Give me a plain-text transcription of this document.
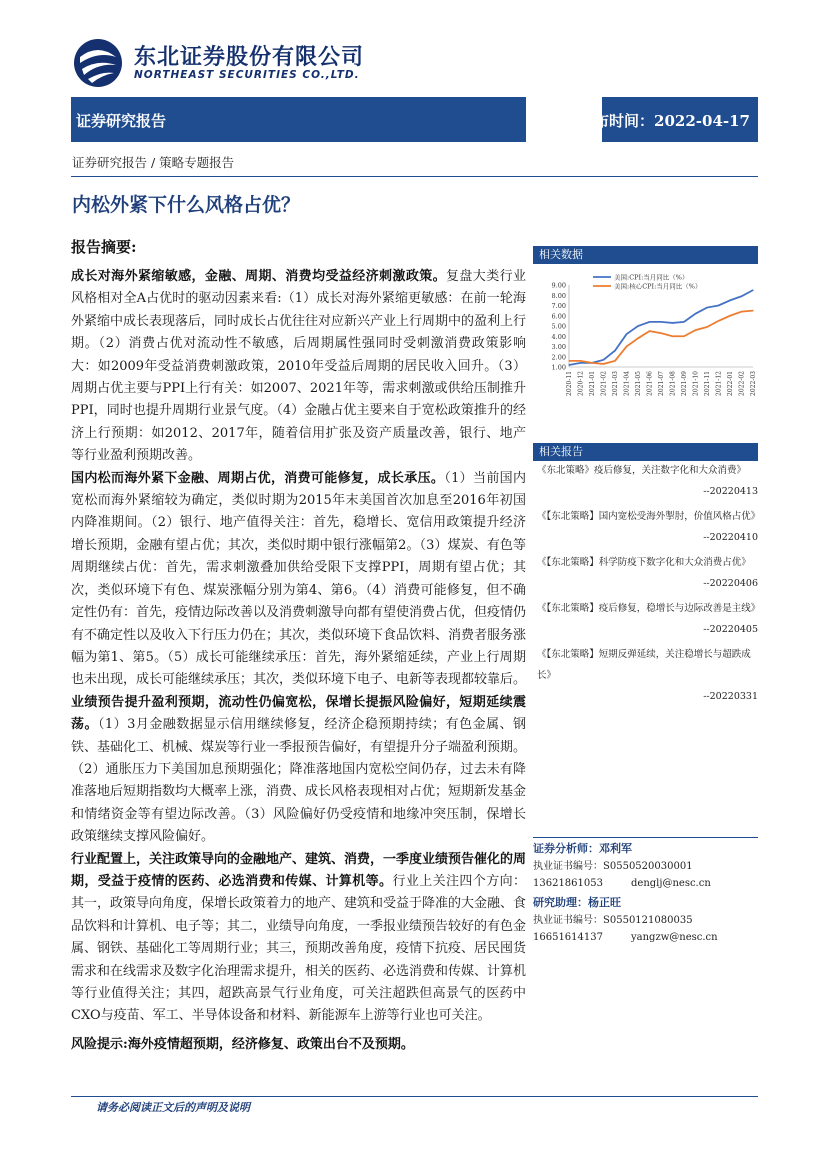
东北证券股份有限公司
NORTHEAST SECURITIES CO.,LTD.
证券研究报告	发布时间：2022-04-17
证券研究报告 / 策略专题报告
内松外紧下什么风格占优？
报告摘要:

成长对海外紧缩敏感，金融、周期、消费均受益经济刺激政策。复盘大类行业风格相对全A占优时的驱动因素来看:（1）成长对海外紧缩更敏感：在前一轮海外紧缩中成长表现落后，同时成长占优往往对应新兴产业上行周期中的盈利上行期。（2）消费占优对流动性不敏感，后周期属性强同时受刺激消费政策影响大：如2009年受益消费刺激政策，2010年受益后周期的居民收入回升。（3）周期占优主要与PPI上行有关：如2007、2021年等，需求刺激或供给压制推升PPI，同时也提升周期行业景气度。（4）金融占优主要来自于宽松政策推升的经济上行预期：如2012、2017年，随着信用扩张及资产质量改善，银行、地产等行业盈利预期改善。

国内松而海外紧下金融、周期占优，消费可能修复，成长承压。（1）当前国内宽松而海外紧缩较为确定，类似时期为2015年末美国首次加息至2016年初国内降准期间。（2）银行、地产值得关注：首先，稳增长、宽信用政策提升经济增长预期，金融有望占优；其次，类似时期中银行涨幅第2。（3）煤炭、有色等周期继续占优：首先，需求刺激叠加供给受限下支撑PPI，周期有望占优；其次，类似环境下有色、煤炭涨幅分别为第4、第6。（4）消费可能修复，但不确定性仍有：首先，疫情边际改善以及消费刺激导向都有望使消费占优，但疫情仍有不确定性以及收入下行压力仍在；其次，类似环境下食品饮料、消费者服务涨幅为第1、第5。（5）成长可能继续承压：首先，海外紧缩延续，产业上行周期也未出现，成长可能继续承压；其次，类似环境下电子、电新等表现都较靠后。

业绩预告提升盈利预期，流动性仍偏宽松，保增长提振风险偏好，短期延续震荡。（1）3月金融数据显示信用继续修复，经济企稳预期持续；有色金属、钢铁、基础化工、机械、煤炭等行业一季报预告偏好，有望提升分子端盈利预期。（2）通胀压力下美国加息预期强化；降准落地国内宽松空间仍存，过去未有降准落地后短期指数均大概率上涨，消费、成长风格表现相对占优；短期新发基金和情绪资金等有望边际改善。（3）风险偏好仍受疫情和地缘冲突压制，保增长政策继续支撑风险偏好。

行业配置上，关注政策导向的金融地产、建筑、消费，一季度业绩预告催化的周期，受益于疫情的医药、必选消费和传媒、计算机等。行业上关注四个方向：其一，政策导向角度，保增长政策着力的地产、建筑和受益于降准的大金融、食品饮料和计算机、电子等；其二，业绩导向角度，一季报业绩预告较好的有色金属、钢铁、基础化工等周期行业；其三，预期改善角度，疫情下抗疫、居民囤货需求和在线需求及数字化治理需求提升，相关的医药、必选消费和传媒、计算机等行业值得关注；其四，超跌高景气行业角度，可关注超跌但高景气的医药中CXO与疫苗、军工、半导体设备和材料、新能源车上游等行业也可关注。

风险提示:海外疫情超预期，经济修复、政策出台不及预期。

相关数据
1.00
2.00
3.00
4.00
5.00
6.00
7.00
8.00
9.00
2020-11 2020-12 2021-01 2021-02 2021-03 2021-04 2021-05 2021-06 2021-07 2021-08 2021-09 2021-10 2021-11 2021-12 2022-01 2022-02 2022-03
美国:CPI:当月同比（%）
美国:核心CPI:当月同比（%）
相关报告
《东北策略》疫后修复，关注数字化和大众消费》
--20220413
《【东北策略】国内宽松受海外掣肘，价值风格占优》
--20220410
《【东北策略】科学防疫下数字化和大众消费占优》
--20220406
《【东北策略】疫后修复，稳增长与边际改善是主线》
--20220405
《【东北策略】短期反弹延续，关注稳增长与超跌成长》
--20220331
证券分析师：邓利军
执业证书编号：S0550520030001
13621861053	denglj@nesc.cn
研究助理：杨正旺
执业证书编号：S0550121080035
16651614137	yangzw@nesc.cn
请务必阅读正文后的声明及说明
